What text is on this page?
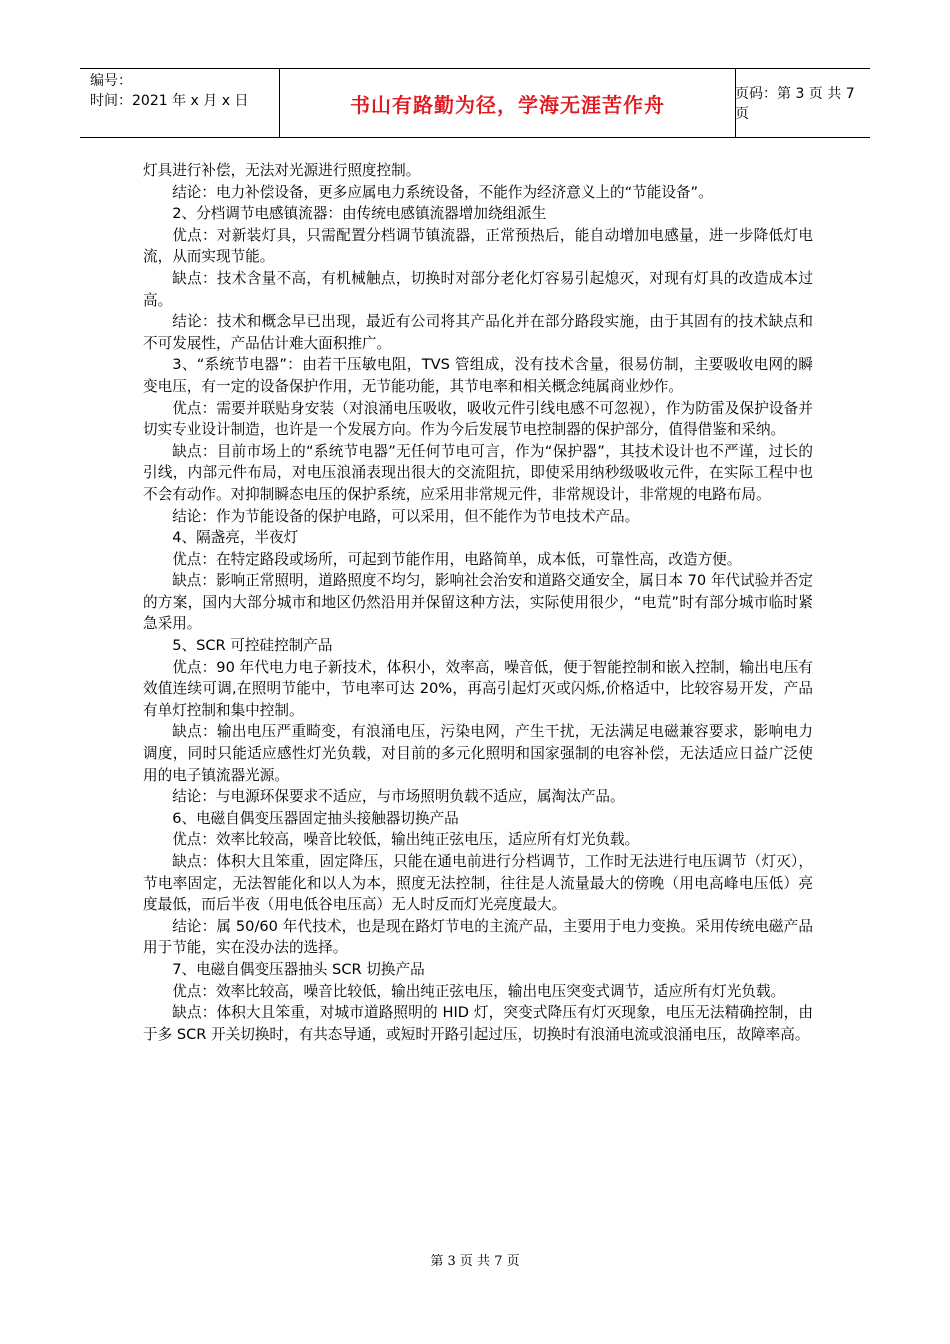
编号：
时间：2021 年 x 月 x 日	书山有路勤为径，学海无涯苦作舟	页码：第 3 页 共 7 页

灯具进行补偿，无法对光源进行照度控制。

结论：电力补偿设备，更多应属电力系统设备，不能作为经济意义上的“节能设备”。

2、分档调节电感镇流器：由传统电感镇流器增加绕组派生

优点：对新装灯具，只需配置分档调节镇流器，正常预热后，能自动增加电感量，进一步降低灯电流，从而实现节能。

缺点：技术含量不高，有机械触点，切换时对部分老化灯容易引起熄灭，对现有灯具的改造成本过高。

结论：技术和概念早已出现，最近有公司将其产品化并在部分路段实施，由于其固有的技术缺点和不可发展性，产品估计难大面积推广。

3、“系统节电器”：由若干压敏电阻，TVS 管组成，没有技术含量，很易仿制，主要吸收电网的瞬变电压，有一定的设备保护作用，无节能功能，其节电率和相关概念纯属商业炒作。

优点：需要并联贴身安装（对浪涌电压吸收，吸收元件引线电感不可忽视），作为防雷及保护设备并切实专业设计制造，也许是一个发展方向。作为今后发展节电控制器的保护部分，值得借鉴和采纳。

缺点：目前市场上的“系统节电器”无任何节电可言，作为“保护器”，其技术设计也不严谨，过长的引线，内部元件布局，对电压浪涌表现出很大的交流阻抗，即使采用纳秒级吸收元件，在实际工程中也不会有动作。对抑制瞬态电压的保护系统，应采用非常规元件，非常规设计，非常规的电路布局。

结论：作为节能设备的保护电路，可以采用，但不能作为节电技术产品。

4、隔盏亮，半夜灯

优点：在特定路段或场所，可起到节能作用，电路简单，成本低，可靠性高，改造方便。

缺点：影响正常照明，道路照度不均匀，影响社会治安和道路交通安全，属日本 70 年代试验并否定的方案，国内大部分城市和地区仍然沿用并保留这种方法，实际使用很少，“电荒”时有部分城市临时紧急采用。

5、SCR 可控硅控制产品

优点：90 年代电力电子新技术，体积小，效率高，噪音低，便于智能控制和嵌入控制，输出电压有效值连续可调,在照明节能中，节电率可达 20%，再高引起灯灭或闪烁,价格适中，比较容易开发，产品有单灯控制和集中控制。

缺点：输出电压严重畸变，有浪涌电压，污染电网，产生干扰，无法满足电磁兼容要求，影响电力调度，同时只能适应感性灯光负载，对目前的多元化照明和国家强制的电容补偿，无法适应日益广泛使用的电子镇流器光源。

结论：与电源环保要求不适应，与市场照明负载不适应，属淘汰产品。

6、电磁自偶变压器固定抽头接触器切换产品

优点：效率比较高，噪音比较低，输出纯正弦电压，适应所有灯光负载。

缺点：体积大且笨重，固定降压，只能在通电前进行分档调节，工作时无法进行电压调节（灯灭），节电率固定，无法智能化和以人为本，照度无法控制，往往是人流量最大的傍晚（用电高峰电压低）亮度最低，而后半夜（用电低谷电压高）无人时反而灯光亮度最大。

结论：属 50/60 年代技术，也是现在路灯节电的主流产品，主要用于电力变换。采用传统电磁产品用于节能，实在没办法的选择。

7、电磁自偶变压器抽头 SCR 切换产品

优点：效率比较高，噪音比较低，输出纯正弦电压，输出电压突变式调节，适应所有灯光负载。

缺点：体积大且笨重，对城市道路照明的 HID 灯，突变式降压有灯灭现象，电压无法精确控制，由于多 SCR 开关切换时，有共态导通，或短时开路引起过压，切换时有浪涌电流或浪涌电压，故障率高。

第 3 页 共 7 页
